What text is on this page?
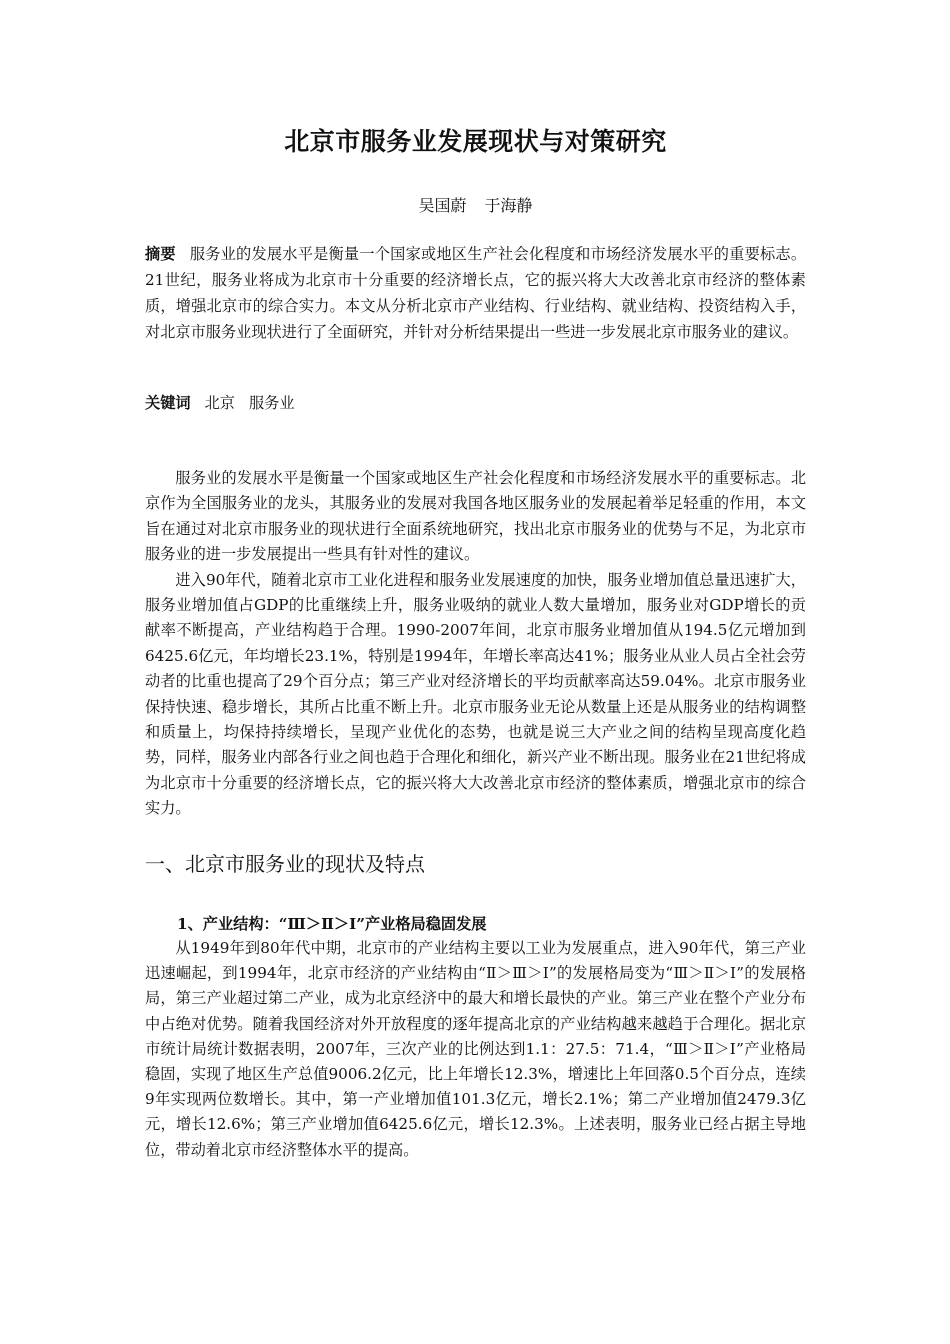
北京市服务业发展现状与对策研究
吴国蔚 于海静
摘要 服务业的发展水平是衡量一个国家或地区生产社会化程度和市场经济发展水平的重要标志。21世纪，服务业将成为北京市十分重要的经济增长点，它的振兴将大大改善北京市经济的整体素质，增强北京市的综合实力。本文从分析北京市产业结构、行业结构、就业结构、投资结构入手，对北京市服务业现状进行了全面研究，并针对分析结果提出一些进一步发展北京市服务业的建议。
关键词 北京 服务业

服务业的发展水平是衡量一个国家或地区生产社会化程度和市场经济发展水平的重要标志。北京作为全国服务业的龙头，其服务业的发展对我国各地区服务业的发展起着举足轻重的作用，本文旨在通过对北京市服务业的现状进行全面系统地研究，找出北京市服务业的优势与不足，为北京市服务业的进一步发展提出一些具有针对性的建议。

进入90年代，随着北京市工业化进程和服务业发展速度的加快，服务业增加值总量迅速扩大，服务业增加值占GDP的比重继续上升，服务业吸纳的就业人数大量增加，服务业对GDP增长的贡献率不断提高，产业结构趋于合理。1990-2007年间，北京市服务业增加值从194.5亿元增加到6425.6亿元，年均增长23.1%，特别是1994年，年增长率高达41%；服务业从业人员占全社会劳动者的比重也提高了29个百分点；第三产业对经济增长的平均贡献率高达59.04%。北京市服务业保持快速、稳步增长，其所占比重不断上升。北京市服务业无论从数量上还是从服务业的结构调整和质量上，均保持持续增长，呈现产业优化的态势，也就是说三大产业之间的结构呈现高度化趋势，同样，服务业内部各行业之间也趋于合理化和细化，新兴产业不断出现。服务业在21世纪将成为北京市十分重要的经济增长点，它的振兴将大大改善北京市经济的整体素质，增强北京市的综合实力。

一、北京市服务业的现状及特点
1、产业结构：“Ⅲ＞Ⅱ＞Ⅰ”产业格局稳固发展

从1949年到80年代中期，北京市的产业结构主要以工业为发展重点，进入90年代，第三产业迅速崛起，到1994年，北京市经济的产业结构由“Ⅱ＞Ⅲ＞Ⅰ”的发展格局变为“Ⅲ＞Ⅱ＞Ⅰ”的发展格局，第三产业超过第二产业，成为北京经济中的最大和增长最快的产业。第三产业在整个产业分布中占绝对优势。随着我国经济对外开放程度的逐年提高北京的产业结构越来越趋于合理化。据北京市统计局统计数据表明，2007年，三次产业的比例达到1.1：27.5：71.4，“Ⅲ＞Ⅱ＞Ⅰ”产业格局稳固，实现了地区生产总值9006.2亿元，比上年增长12.3%，增速比上年回落0.5个百分点，连续9年实现两位数增长。其中，第一产业增加值101.3亿元，增长2.1%；第二产业增加值2479.3亿元，增长12.6%；第三产业增加值6425.6亿元，增长12.3%。上述表明，服务业已经占据主导地位，带动着北京市经济整体水平的提高。
